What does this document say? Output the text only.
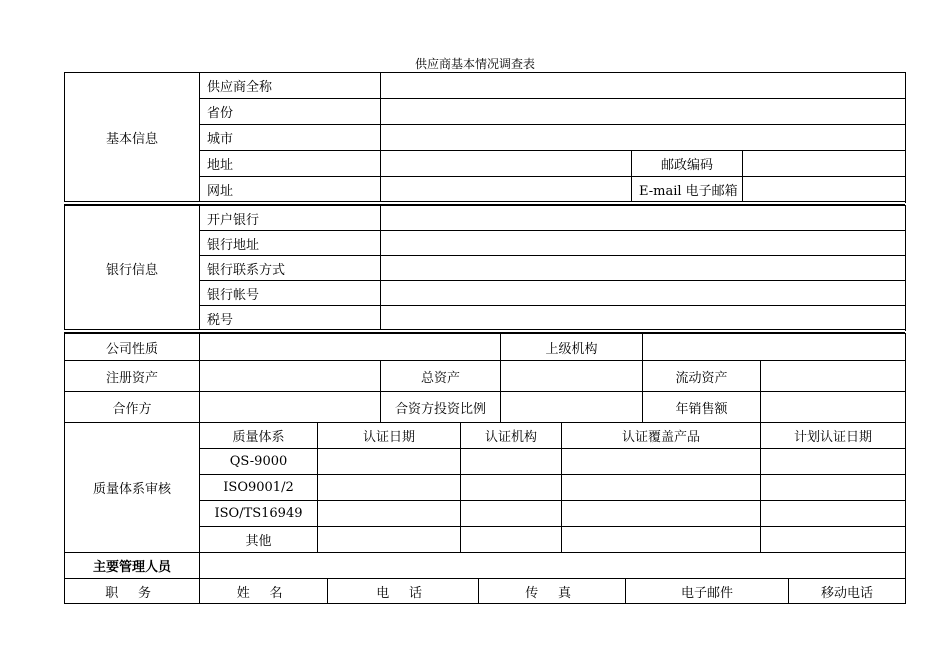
供应商基本情况调查表
基本信息	供应商全称			
	省份			
	城市			
	地址		邮政编码	
	网址		E-mail 电子邮箱	
银行信息	开户银行	
	银行地址	
	银行联系方式	
	银行帐号	
	税号	
公司性质					上级机构			
注册资产			总资产				流动资产	
合作方			合资方投资比例				年销售额	
质量体系审核	质量体系	认证日期		认证机构		认证覆盖产品		计划认证日期
	QS-9000							
	ISO9001/2							
	ISO/TS16949							
	其他							
主要管理人员								
职 务	姓 名	电 话	传 真	电子邮件	移动电话
